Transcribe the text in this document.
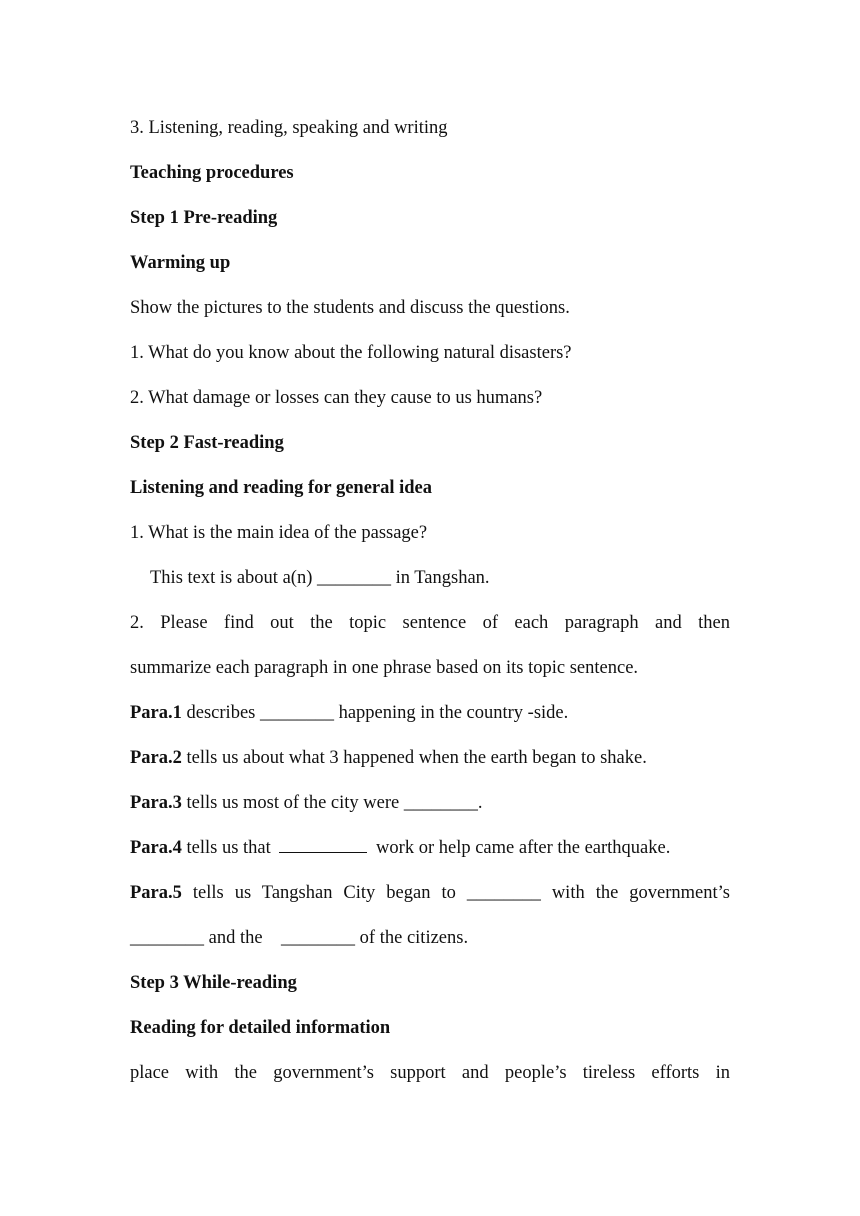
3. Listening, reading, speaking and writing
Teaching procedures
Step 1 Pre-reading
Warming up
Show the pictures to the students and discuss the questions.
1. What do you know about the following natural disasters?
2. What damage or losses can they cause to us humans?
Step 2 Fast-reading
Listening and reading for general idea
1. What is the main idea of the passage?
This text is about a(n) ________ in Tangshan.
2. Please find out the topic sentence of each paragraph and then
summarize each paragraph in one phrase based on its topic sentence.
Para.1 describes ________ happening in the country -side.
Para.2 tells us about what 3 happened when the earth began to shake.
Para.3 tells us most of the city were ________.
Para.4 tells us that	work or help came after the earthquake.
Para.5 tells us Tangshan City began to ________ with the government’s
________ and the    ________ of the citizens.
Step 3 While-reading
Reading for detailed information
place with the government’s support and people’s tireless efforts in
